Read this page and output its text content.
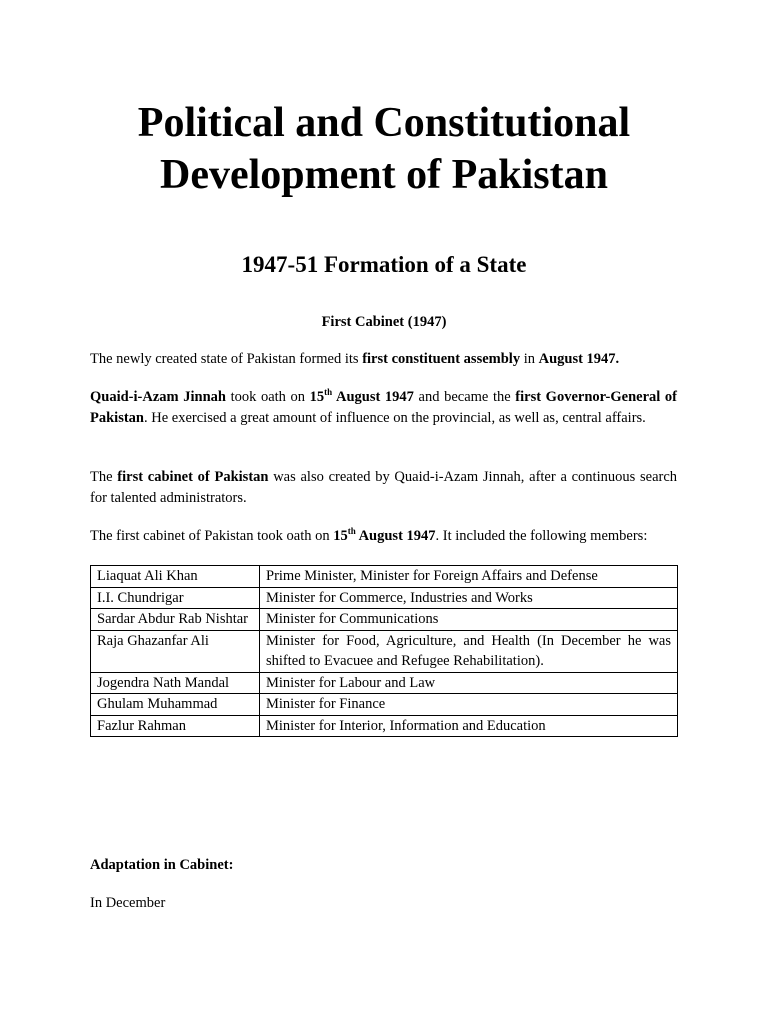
Political and Constitutional
Development of Pakistan
1947-51 Formation of a State
First Cabinet (1947)

The newly created state of Pakistan formed its first constituent assembly in August 1947.

Quaid-i-Azam Jinnah took oath on 15th August 1947 and became the first Governor-General of Pakistan. He exercised a great amount of influence on the provincial, as well as, central affairs.

The first cabinet of Pakistan was also created by Quaid-i-Azam Jinnah, after a continuous search for talented administrators.

The first cabinet of Pakistan took oath on 15th August 1947. It included the following members:

Liaquat Ali Khan	Prime Minister, Minister for Foreign Affairs and Defense
I.I. Chundrigar	Minister for Commerce, Industries and Works
Sardar Abdur Rab Nishtar	Minister for Communications
Raja Ghazanfar Ali	Minister for Food, Agriculture, and Health (In December he was shifted to Evacuee and Refugee Rehabilitation).
Jogendra Nath Mandal	Minister for Labour and Law
Ghulam Muhammad	Minister for Finance
Fazlur Rahman	Minister for Interior, Information and Education

Adaptation in Cabinet:

In December
